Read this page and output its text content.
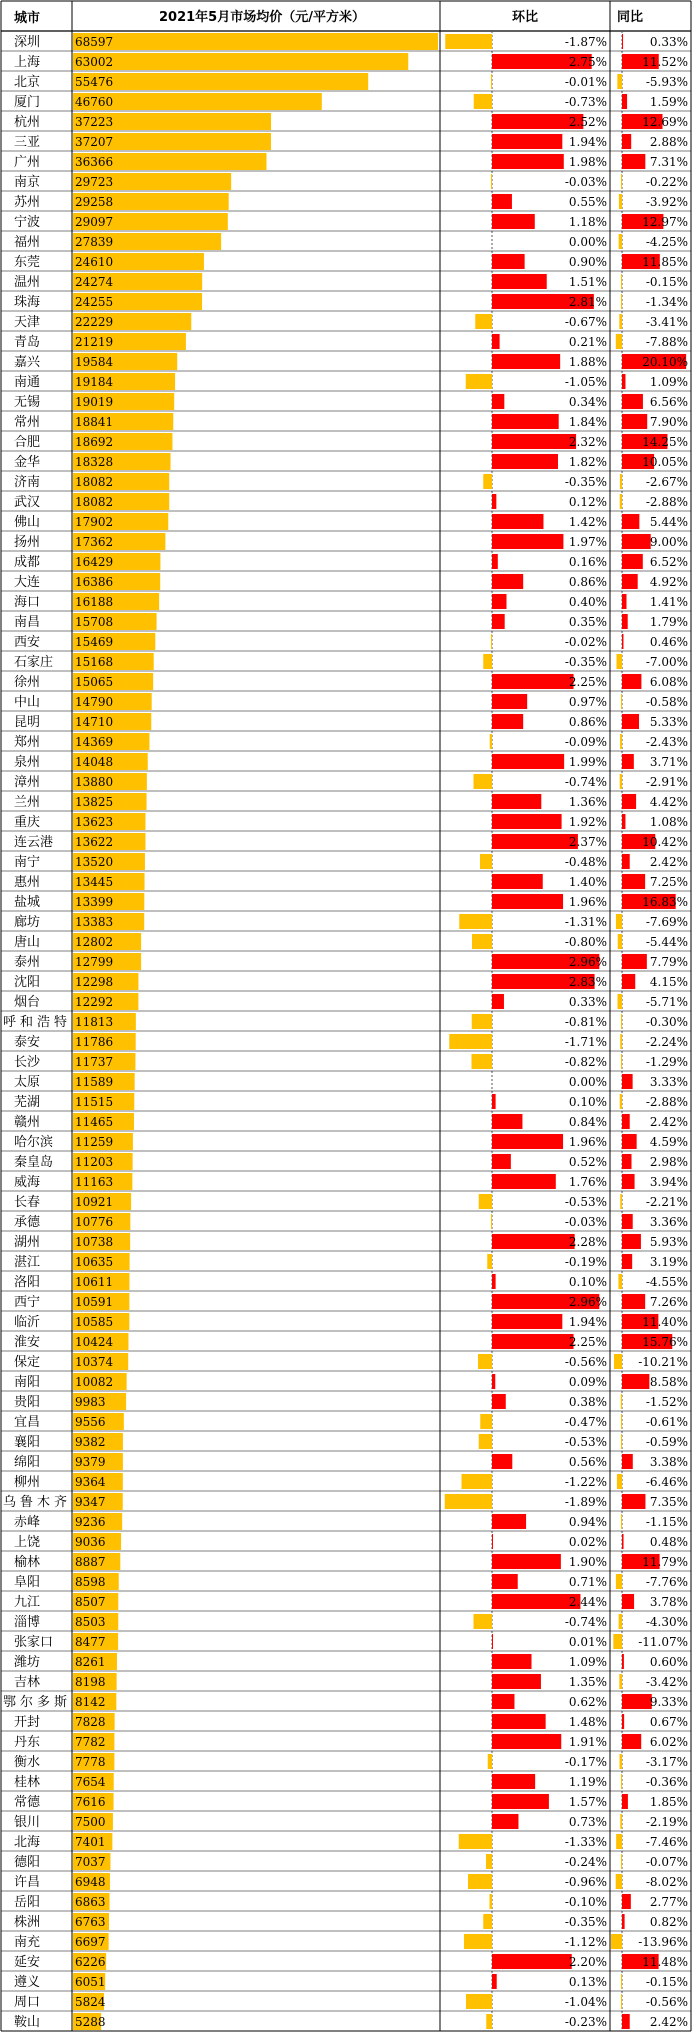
城市	2021年5月市场均价（元/平方米）	环比	同比
深圳	68597	-1.87%	0.33%
上海	63002	2.75%	11.52%
北京	55476	-0.01%	-5.93%
厦门	46760	-0.73%	1.59%
杭州	37223	2.52%	12.69%
三亚	37207	1.94%	2.88%
广州	36366	1.98%	7.31%
南京	29723	-0.03%	-0.22%
苏州	29258	0.55%	-3.92%
宁波	29097	1.18%	12.97%
福州	27839	0.00%	-4.25%
东莞	24610	0.90%	11.85%
温州	24274	1.51%	-0.15%
珠海	24255	2.81%	-1.34%
天津	22229	-0.67%	-3.41%
青岛	21219	0.21%	-7.88%
嘉兴	19584	1.88%	20.10%
南通	19184	-1.05%	1.09%
无锡	19019	0.34%	6.56%
常州	18841	1.84%	7.90%
合肥	18692	2.32%	14.25%
金华	18328	1.82%	10.05%
济南	18082	-0.35%	-2.67%
武汉	18082	0.12%	-2.88%
佛山	17902	1.42%	5.44%
扬州	17362	1.97%	9.00%
成都	16429	0.16%	6.52%
大连	16386	0.86%	4.92%
海口	16188	0.40%	1.41%
南昌	15708	0.35%	1.79%
西安	15469	-0.02%	0.46%
石家庄 15168	-0.35%	-7.00%
徐州	15065	2.25%	6.08%
中山	14790	0.97%	-0.58%
昆明	14710	0.86%	5.33%
郑州	14369	-0.09%	-2.43%
泉州	14048	1.99%	3.71%
漳州	13880	-0.74%	-2.91%
兰州	13825	1.36%	4.42%
重庆	13623	1.92%	1.08%
连云港 13622	2.37%	10.42%
南宁	13520	-0.48%	2.42%
惠州	13445	1.40%	7.25%
盐城	13399	1.96%	16.83%
廊坊	13383	-1.31%	-7.69%
唐山	12802	-0.80%	-5.44%
泰州	12799	2.96%	7.79%
沈阳	12298	2.83%	4.15%
烟台	12292	0.33%	-5.71%
呼和浩特 11813	-0.81%	-0.30%
泰安	11786	-1.71%	-2.24%
长沙	11737	-0.82%	-1.29%
太原	11589	0.00%	3.33%
芜湖	11515	0.10%	-2.88%
赣州	11465	0.84%	2.42%
哈尔滨 11259	1.96%	4.59%
秦皇岛 11203	0.52%	2.98%
威海	11163	1.76%	3.94%
长春	10921	-0.53%	-2.21%
承德	10776	-0.03%	3.36%
湖州	10738	2.28%	5.93%
湛江	10635	-0.19%	3.19%
洛阳	10611	0.10%	-4.55%
西宁	10591	2.96%	7.26%
临沂	10585	1.94%	11.40%
淮安	10424	2.25%	15.76%
保定	10374	-0.56%	-10.21%
南阳	10082	0.09%	8.58%
贵阳	9983	0.38%	-1.52%
宜昌	9556	-0.47%	-0.61%
襄阳	9382	-0.53%	-0.59%
绵阳	9379	0.56%	3.38%
柳州	9364	-1.22%	-6.46%
乌鲁木齐 9347	-1.89%	7.35%
赤峰	9236	0.94%	-1.15%
上饶	9036	0.02%	0.48%
榆林	8887	1.90%	11.79%
阜阳	8598	0.71%	-7.76%
九江	8507	2.44%	3.78%
淄博	8503	-0.74%	-4.30%
张家口 8477	0.01%	-11.07%
潍坊	8261	1.09%	0.60%
吉林	8198	1.35%	-3.42%
鄂尔多斯 8142	0.62%	9.33%
开封	7828	1.48%	0.67%
丹东	7782	1.91%	6.02%
衡水	7778	-0.17%	-3.17%
桂林	7654	1.19%	-0.36%
常德	7616	1.57%	1.85%
银川	7500	0.73%	-2.19%
北海	7401	-1.33%	-7.46%
德阳	7037	-0.24%	-0.07%
许昌	6948	-0.96%	-8.02%
岳阳	6863	-0.10%	2.77%
株洲	6763	-0.35%	0.82%
南充	6697	-1.12%	-13.96%
延安	6226	2.20%	11.48%
遵义	6051	0.13%	-0.15%
周口	5824	-1.04%	-0.56%
鞍山	5288	-0.23%	2.42%
